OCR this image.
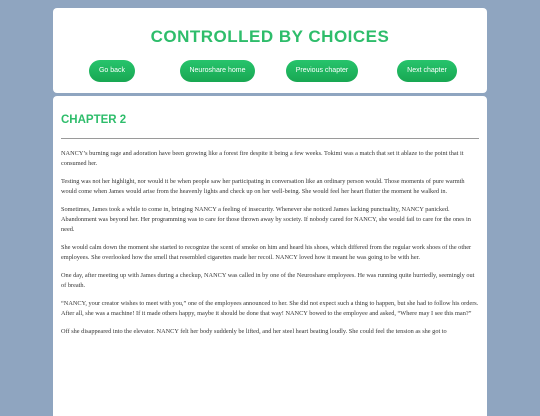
CONTROLLED BY CHOICES
Go back	Neuroshare home	Previous chapter	Next chapter
CHAPTER 2

NANCY’s burning rage and adoration have been growing like a forest fire despite it being a few weeks. Tokimi was a match that set it ablaze to the point that it consumed her.

Testing was not her highlight, nor would it be when people saw her participating in conversation like an ordinary person would. Those moments of pure warmth would come when James would arise from the heavenly lights and check up on her well-being. She would feel her heart flutter the moment he walked in.

Sometimes, James took a while to come in, bringing NANCY a feeling of insecurity. Whenever she noticed James lacking punctuality, NANCY panicked. Abandonment was beyond her. Her programming was to care for those thrown away by society. If nobody cared for NANCY, she would fail to care for the ones in need.

She would calm down the moment she started to recognize the scent of smoke on him and heard his shoes, which differed from the regular work shoes of the other employees. She overlooked how the smell that resembled cigarettes made her recoil. NANCY loved how it meant he was going to be with her.

One day, after meeting up with James during a checkup, NANCY was called in by one of the Neuroshare employees. He was running quite hurriedly, seemingly out of breath.

“NANCY, your creator wishes to meet with you,” one of the employees announced to her. She did not expect such a thing to happen, but she had to follow his orders. After all, she was a machine! If it made others happy, maybe it should be done that way! NANCY bowed to the employee and asked, “Where may I see this man?”

Off she disappeared into the elevator. NANCY felt her body suddenly be lifted, and her steel heart beating loudly. She could feel the tension as she got to
